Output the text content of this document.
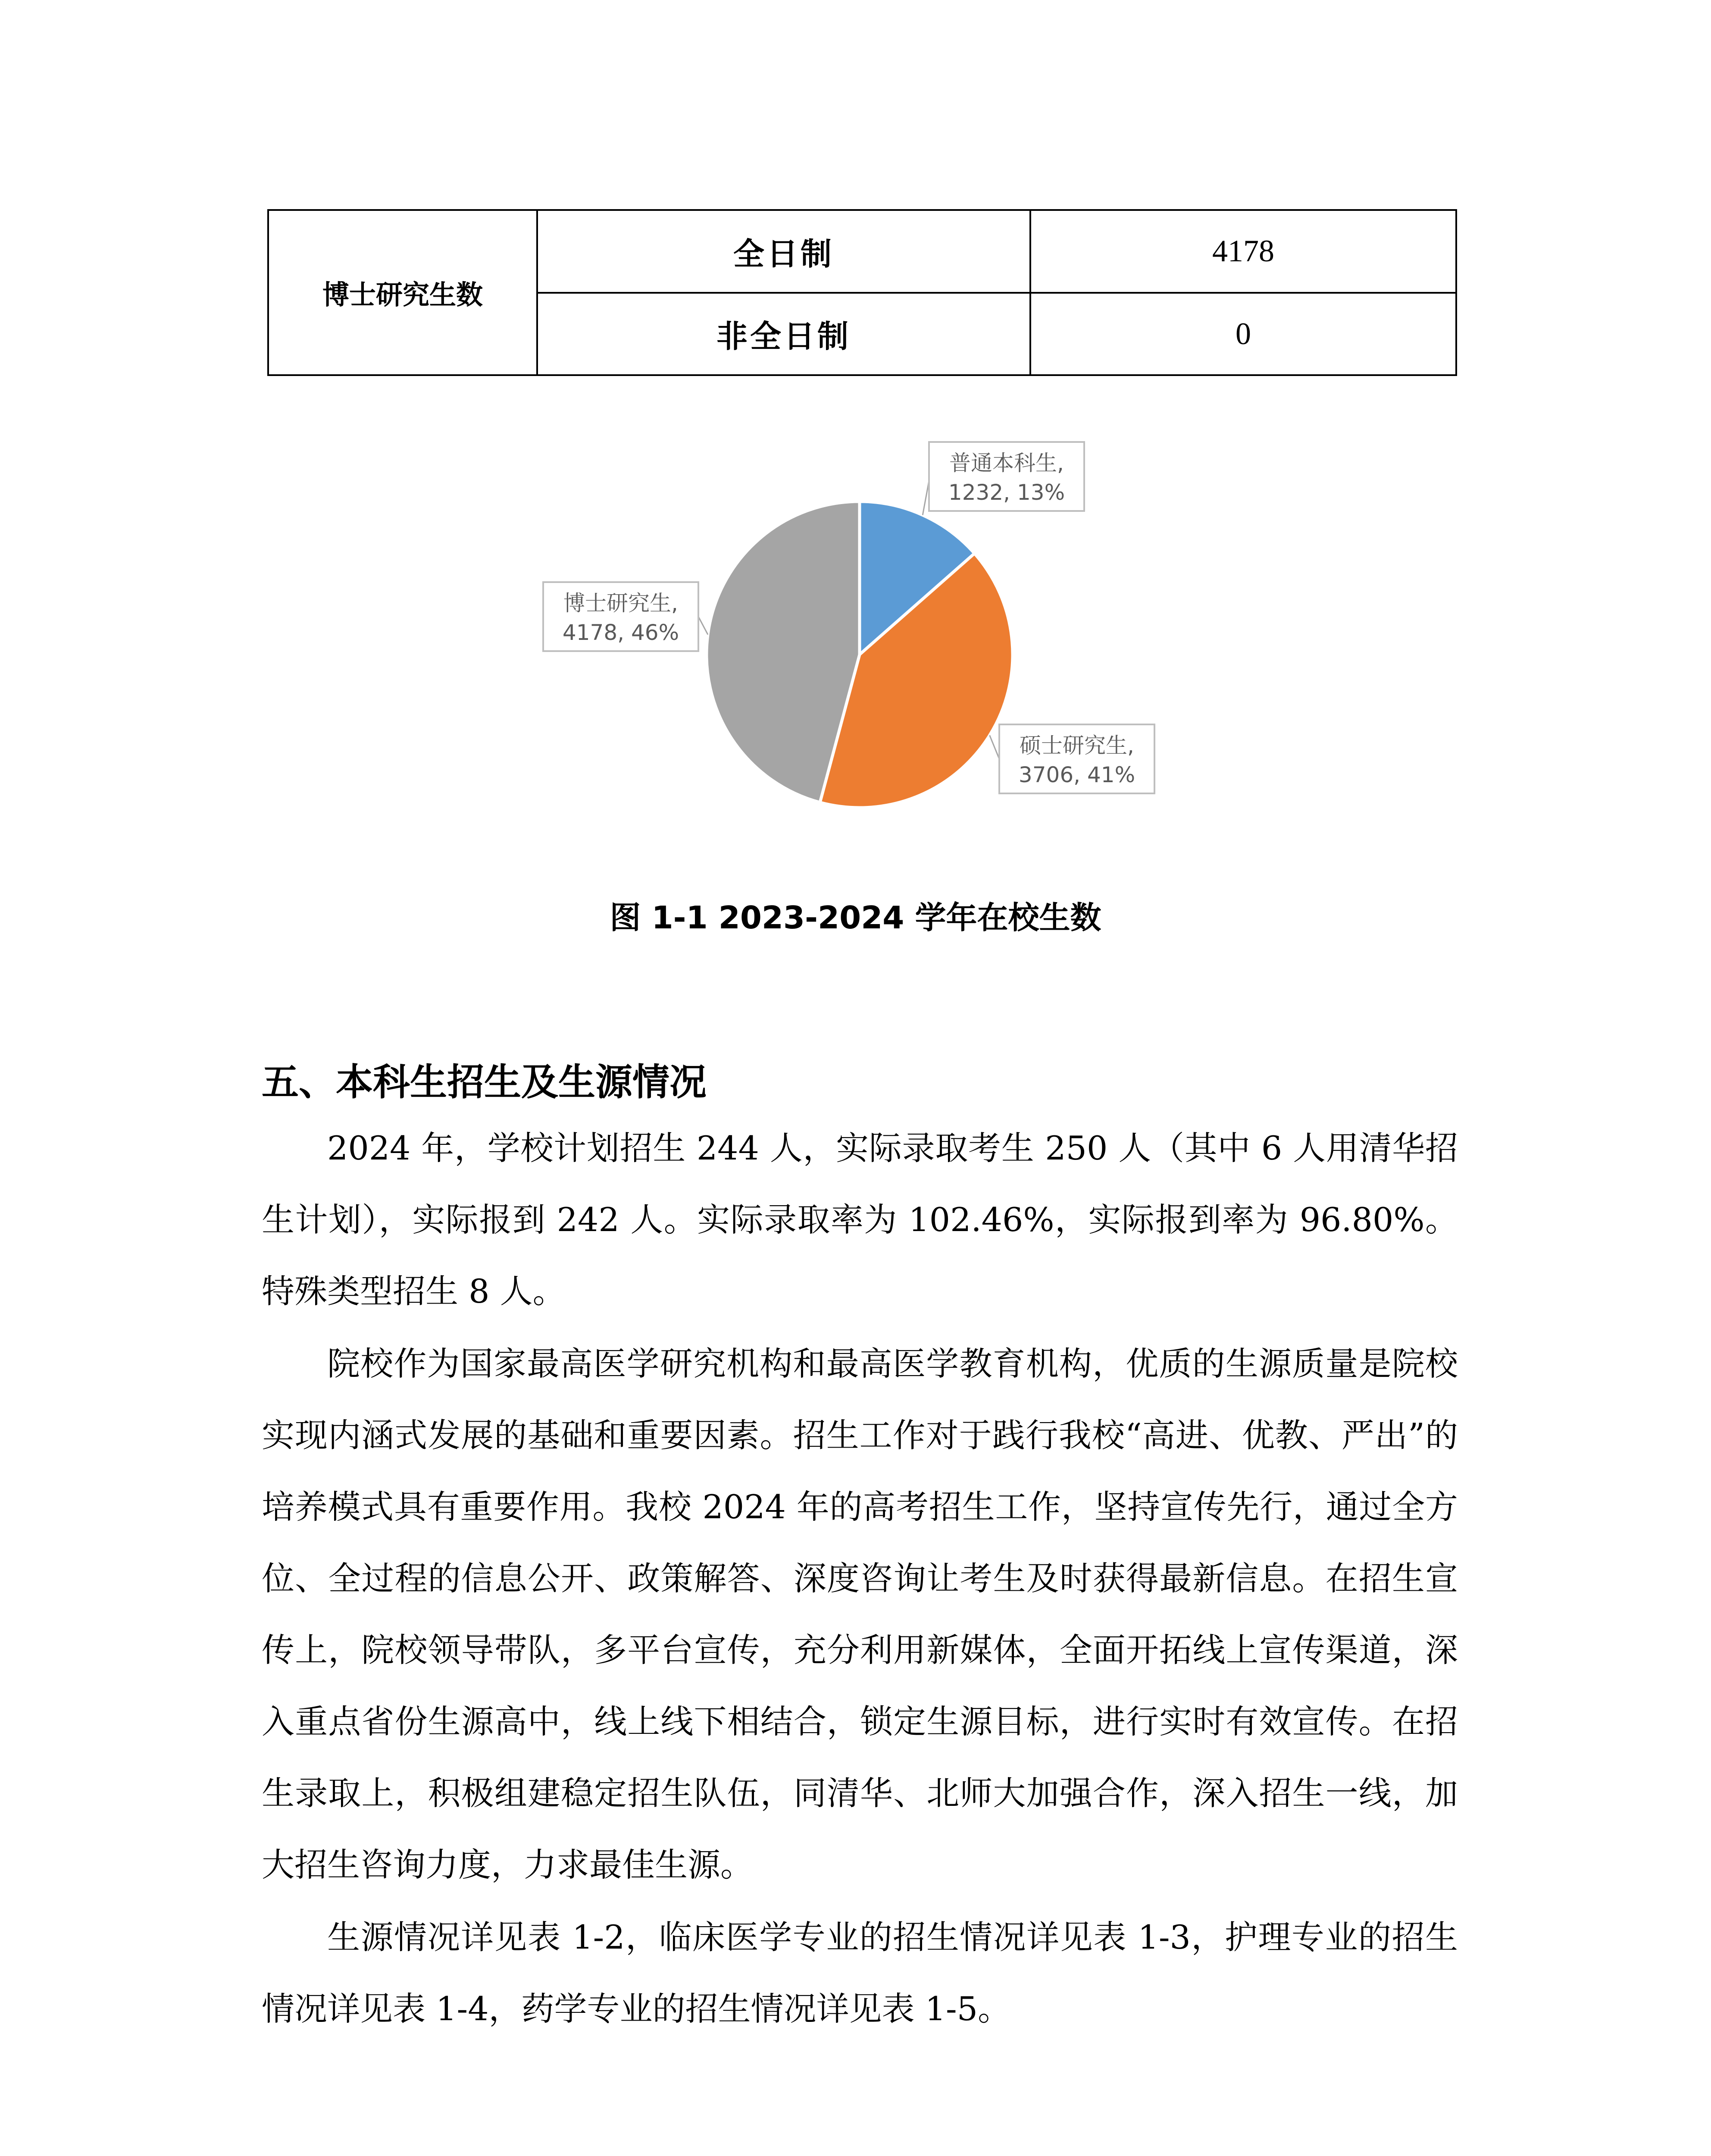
博士研究生数	全日制	4178
	非全日制	0
普通本科生,
1232, 13%
硕士研究生,
3706, 41%
博士研究生,
4178, 46%
图 1-1 2023-2024 学年在校生数
五、本科生招生及生源情况

2024 年，学校计划招生 244 人，实际录取考生 250 人（其中 6 人用清华招生计划），实际报到 242 人。实际录取率为 102.46%，实际报到率为 96.80%。特殊类型招生 8 人。

院校作为国家最高医学研究机构和最高医学教育机构，优质的生源质量是院校实现内涵式发展的基础和重要因素。招生工作对于践行我校“高进、优教、严出”的培养模式具有重要作用。我校 2024 年的高考招生工作，坚持宣传先行，通过全方位、全过程的信息公开、政策解答、深度咨询让考生及时获得最新信息。在招生宣传上，院校领导带队，多平台宣传，充分利用新媒体，全面开拓线上宣传渠道，深入重点省份生源高中，线上线下相结合，锁定生源目标，进行实时有效宣传。在招生录取上，积极组建稳定招生队伍，同清华、北师大加强合作，深入招生一线，加大招生咨询力度，力求最佳生源。

生源情况详见表 1-2，临床医学专业的招生情况详见表 1-3，护理专业的招生情况详见表 1-4，药学专业的招生情况详见表 1-5。
